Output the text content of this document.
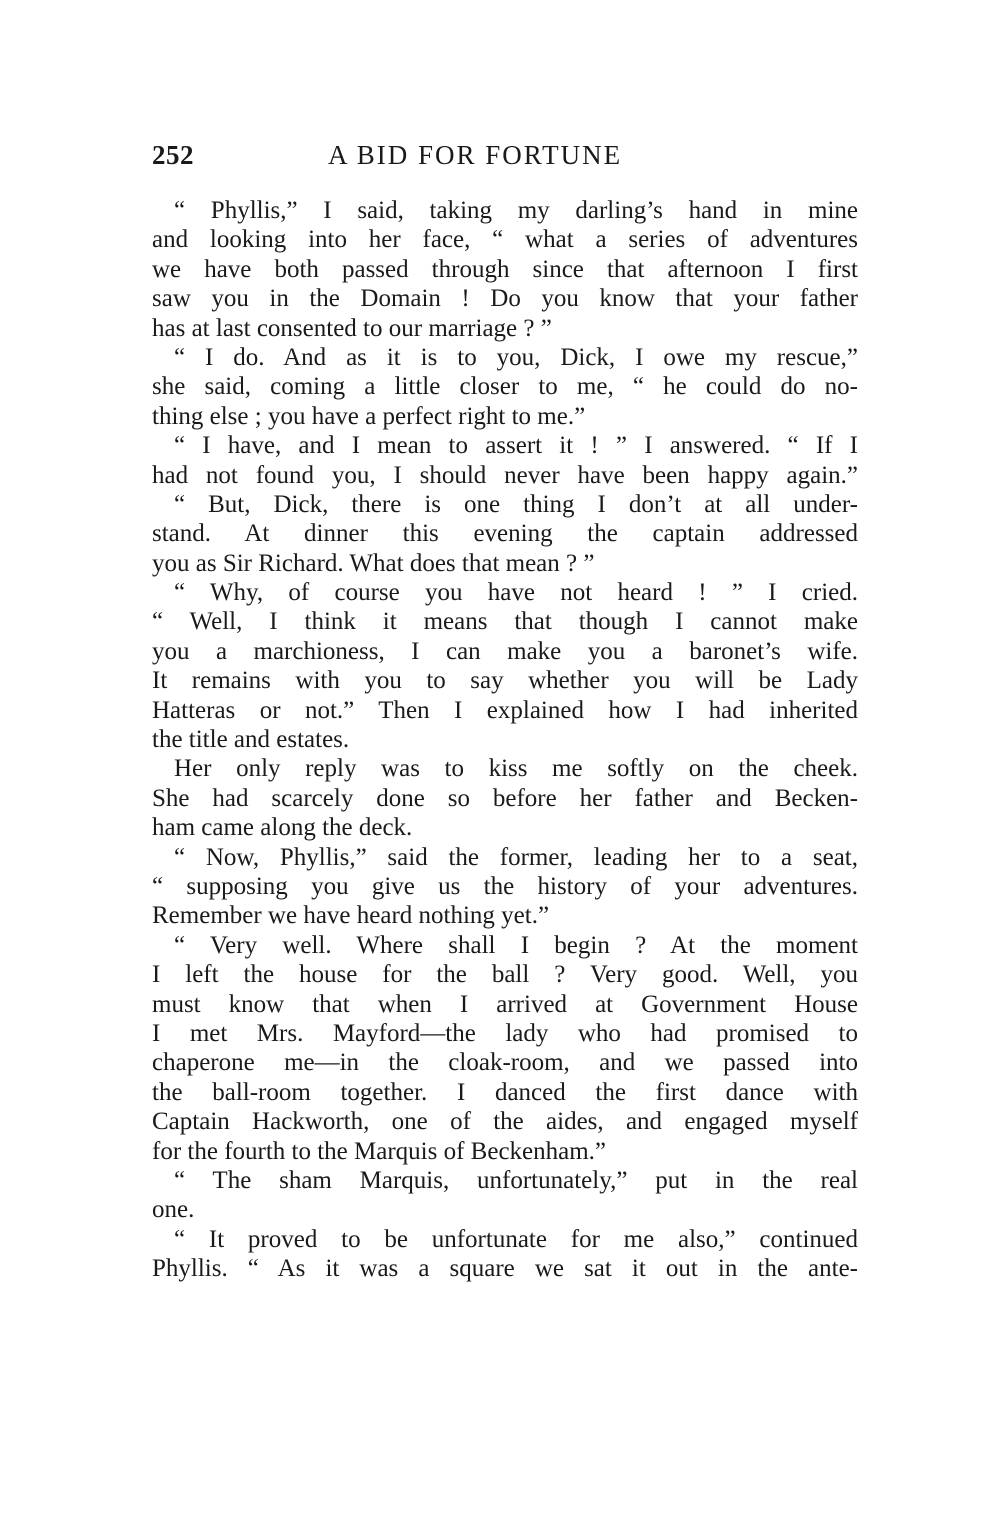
252	A BID FOR FORTUNE
“ Phyllis,” I said, taking my darling’s hand in mine
and looking into her face, “ what a series of adventures
we have both passed through since that afternoon I first
saw you in the Domain ! Do you know that your father
has at last consented to our marriage ? ”
“ I do. And as it is to you, Dick, I owe my rescue,”
she said, coming a little closer to me, “ he could do no-
thing else ; you have a perfect right to me.”
“ I have, and I mean to assert it ! ” I answered. “ If I
had not found you, I should never have been happy again.”
“ But, Dick, there is one thing I don’t at all under-
stand. At dinner this evening the captain addressed
you as Sir Richard. What does that mean ? ”
“ Why, of course you have not heard ! ” I cried.
“ Well, I think it means that though I cannot make
you a marchioness, I can make you a baronet’s wife.
It remains with you to say whether you will be Lady
Hatteras or not.” Then I explained how I had inherited
the title and estates.
Her only reply was to kiss me softly on the cheek.
She had scarcely done so before her father and Becken-
ham came along the deck.
“ Now, Phyllis,” said the former, leading her to a seat,
“ supposing you give us the history of your adventures.
Remember we have heard nothing yet.”
“ Very well. Where shall I begin ? At the moment
I left the house for the ball ? Very good. Well, you
must know that when I arrived at Government House
I met Mrs. Mayford—the lady who had promised to
chaperone me—in the cloak-room, and we passed into
the ball-room together. I danced the first dance with
Captain Hackworth, one of the aides, and engaged myself
for the fourth to the Marquis of Beckenham.”
“ The sham Marquis, unfortunately,” put in the real
one.
“ It proved to be unfortunate for me also,” continued
Phyllis. “ As it was a square we sat it out in the ante-
